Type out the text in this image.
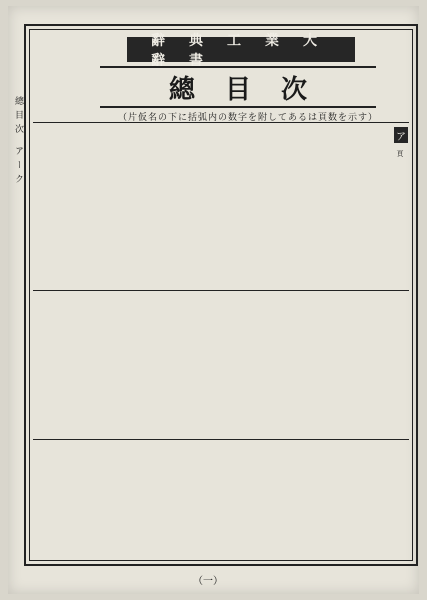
總目次 アーク
辭典工業大辭書
總目次
（片仮名の下に括弧内の数字を附してあるは頁数を示す）
ア
頁
（一）
